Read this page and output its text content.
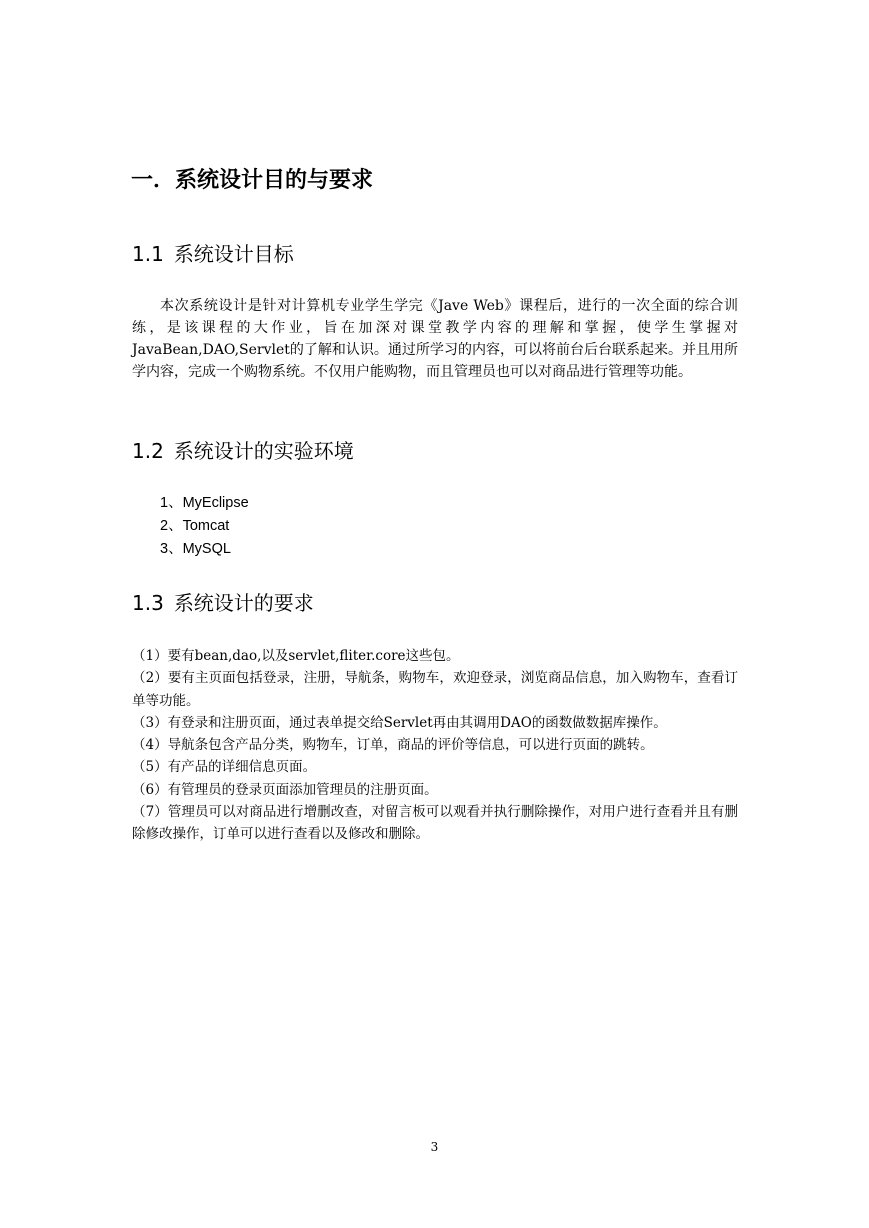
一．系统设计目的与要求
1.1 系统设计目标

本次系统设计是针对计算机专业学生学完《Jave Web》课程后，进行的一次全面的综合训练，是该课程的大作业，旨在加深对课堂教学内容的理解和掌握，使学生掌握对JavaBean,DAO,Servlet的了解和认识。通过所学习的内容，可以将前台后台联系起来。并且用所学内容，完成一个购物系统。不仅用户能购物，而且管理员也可以对商品进行管理等功能。

1.2 系统设计的实验环境
1、MyEclipse
2、Tomcat
3、MySQL
1.3 系统设计的要求
（1）要有bean,dao,以及servlet,fliter.core这些包。
（2）要有主页面包括登录，注册，导航条，购物车，欢迎登录，浏览商品信息，加入购物车，查看订单等功能。
（3）有登录和注册页面，通过表单提交给Servlet再由其调用DAO的函数做数据库操作。
（4）导航条包含产品分类，购物车，订单，商品的评价等信息，可以进行页面的跳转。
（5）有产品的详细信息页面。
（6）有管理员的登录页面添加管理员的注册页面。
（7）管理员可以对商品进行增删改查，对留言板可以观看并执行删除操作，对用户进行查看并且有删除修改操作，订单可以进行查看以及修改和删除。
3
